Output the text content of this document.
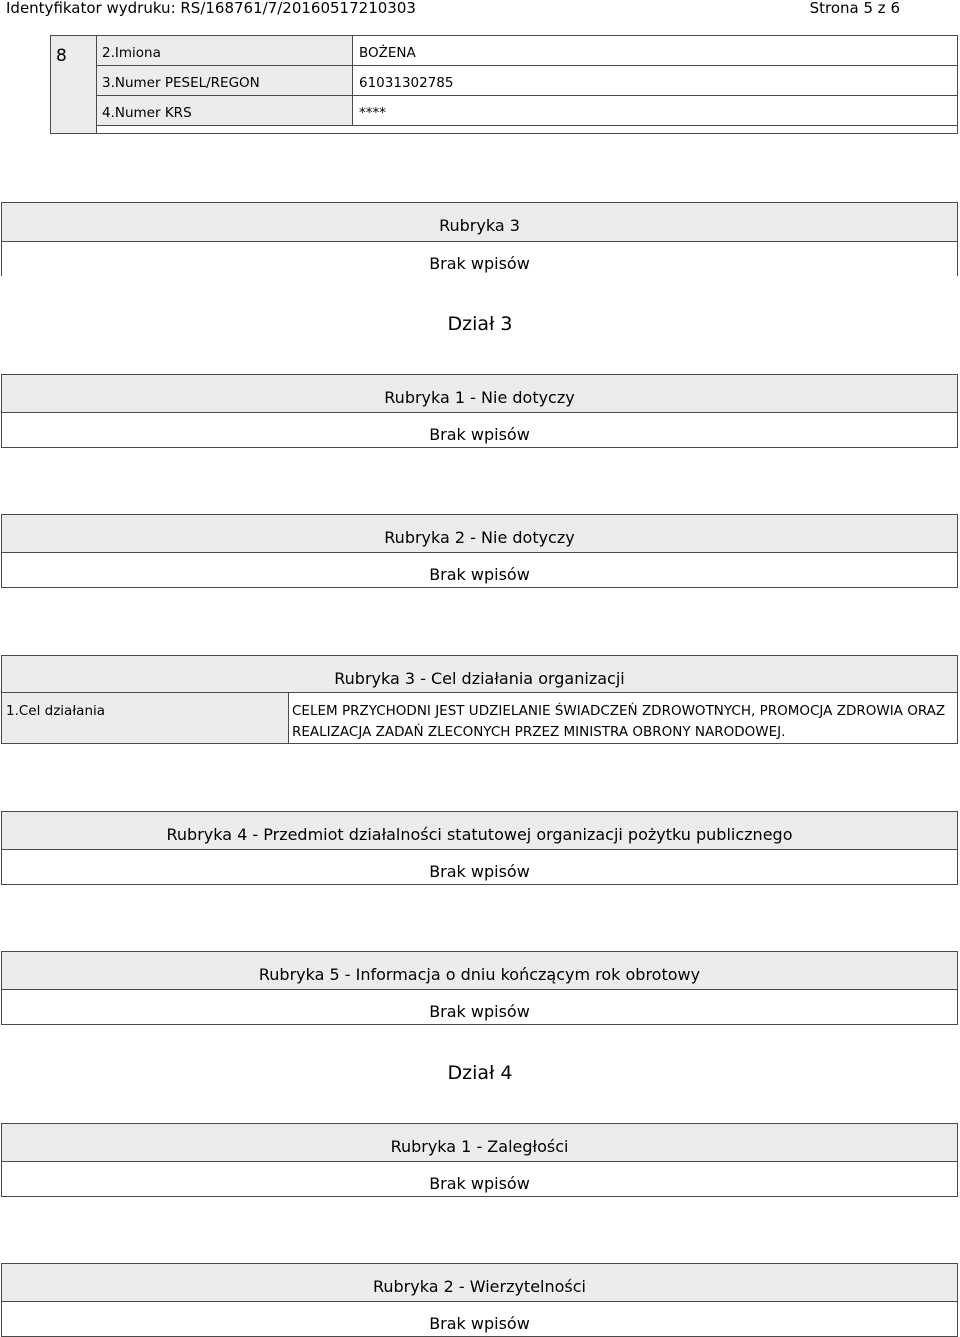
Identyfikator wydruku: RS/168761/7/20160517210303	Strona 5 z 6
8	2.Imiona	BOŻENA
3.Numer PESEL/REGON	61031302785
4.Numer KRS	****
Rubryka 3
Brak wpisów
Dział 3
Rubryka 1 - Nie dotyczy
Brak wpisów
Rubryka 2 - Nie dotyczy
Brak wpisów
Rubryka 3 - Cel działania organizacji
1.Cel działania	CELEM PRZYCHODNI JEST UDZIELANIE ŚWIADCZEŃ ZDROWOTNYCH, PROMOCJA ZDROWIA ORAZ
REALIZACJA ZADAŃ ZLECONYCH PRZEZ MINISTRA OBRONY NARODOWEJ.
Rubryka 4 - Przedmiot działalności statutowej organizacji pożytku publicznego
Brak wpisów
Rubryka 5 - Informacja o dniu kończącym rok obrotowy
Brak wpisów
Dział 4
Rubryka 1 - Zaległości
Brak wpisów
Rubryka 2 - Wierzytelności
Brak wpisów
